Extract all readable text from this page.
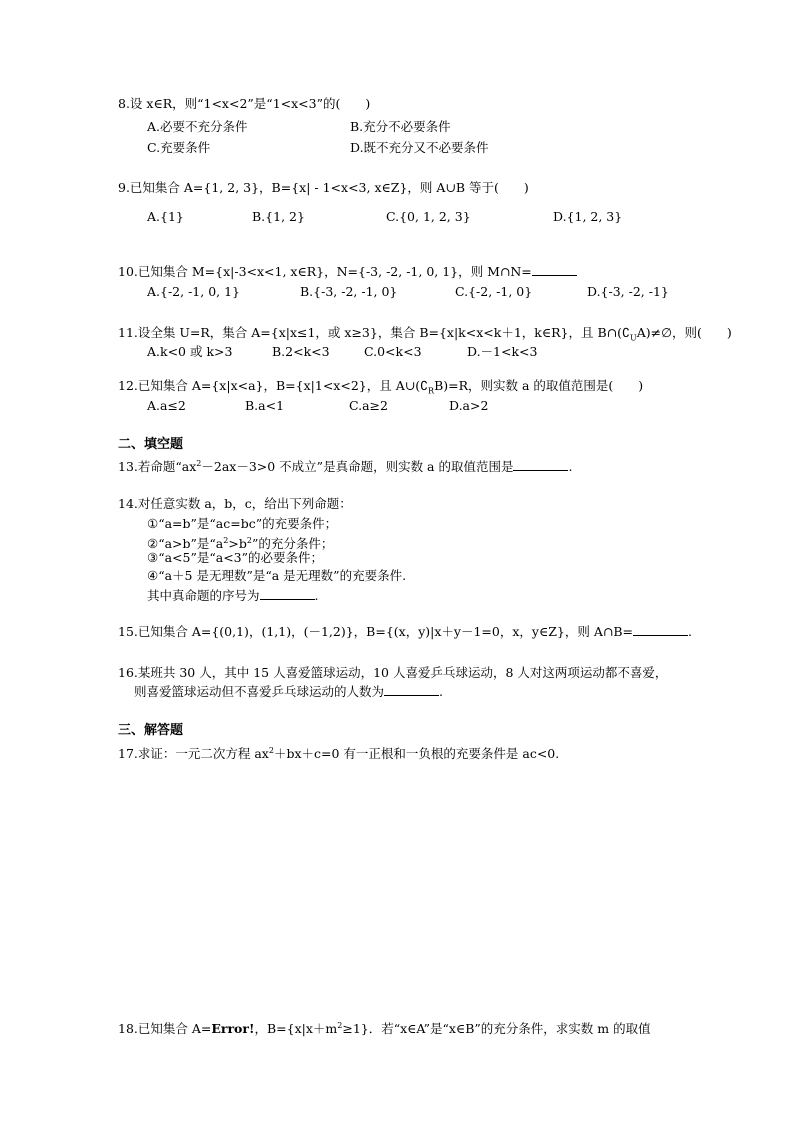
8.设 x∈R，则“1<x<2”是“1<x<3”的(　　)
A.必要不充分条件	B.充分不必要条件
C.充要条件	D.既不充分又不必要条件
9.已知集合 A={1, 2, 3}，B={x| - 1<x<3, x∈Z}，则 A∪B 等于(　　)
A.{1}	B.{1, 2}	C.{0, 1, 2, 3}	D.{1, 2, 3}
10.已知集合 M={x|-3<x<1, x∈R}，N={-3, -2, -1, 0, 1}，则 M∩N=
A.{-2, -1, 0, 1}	B.{-3, -2, -1, 0}	C.{-2, -1, 0}	D.{-3, -2, -1}
11.设全集 U=R，集合 A={x|x≤1，或 x≥3}，集合 B={x|k<x<k＋1，k∈R}，且 $B\cap(∁_UA)\ne\emptyset$，则(　　)
A.k<0 或 k>3	B.2<k<3	C.0<k<3	D.－1<k<3
12.已知集合 A={x|x<a}，B={x|1<x<2}，且 $A\cup(∁_RB)=R$，则实数 a 的取值范围是(　　)
A.a≤2	B.a<1	C.a≥2	D.a>2
二、填空题
13.若命题“$ax^2-2ax-3>0$ 不成立”是真命题，则实数 a 的取值范围是	.
14.对任意实数 a，b，c，给出下列命题：
①“a=b”是“ac=bc”的充要条件；
②“a>b”是“$a^2>b^2$”的充分条件；
③“a<5”是“a<3”的必要条件；
④“a＋5 是无理数”是“a 是无理数”的充要条件.
其中真命题的序号为	.
15.已知集合 A={(0,1)，(1,1)，(－1,2)}，B={(x，y)|x＋y－1=0，x，y∈Z}，则 A∩B=	.
16.某班共 30 人，其中 15 人喜爱篮球运动，10 人喜爱乒乓球运动，8 人对这两项运动都不喜爱，
则喜爱篮球运动但不喜爱乒乓球运动的人数为	.
三、解答题
17.求证：一元二次方程 $ax^2+bx+c=0$ 有一正根和一负根的充要条件是 ac<0.
18.已知集合 A=Error!，$B=\{x|x+m^2\ge 1\}$．若“x∈A”是“x∈B”的充分条件，求实数 m 的取值
